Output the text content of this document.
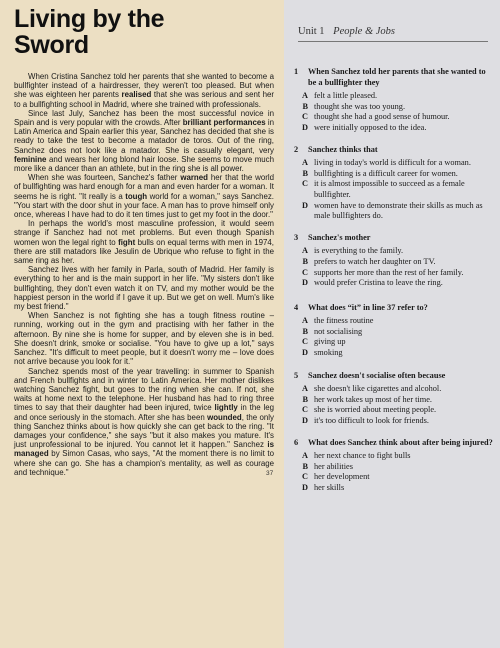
Living by the
Sword

When Cristina Sanchez told her parents that she wanted to become a bullfighter instead of a hairdresser, they weren't too pleased. But when she was eighteen her parents realised that she was serious and sent her to a bullfighting school in Madrid, where she trained with professionals.

Since last July, Sanchez has been the most successful novice in Spain and is very popular with the crowds. After brilliant performances in Latin America and Spain earlier this year, Sanchez has decided that she is ready to take the test to become a matador de toros. Out of the ring, Sanchez does not look like a matador. She is casually elegant, very feminine and wears her long blond hair loose. She seems to move much more like a dancer than an athlete, but in the ring she is all power.

When she was fourteen, Sanchez's father warned her that the world of bullfighting was hard enough for a man and even harder for a woman. It seems he is right. "It really is a tough world for a woman," says Sanchez. "You start with the door shut in your face. A man has to prove himself only once, whereas I have had to do it ten times just to get my foot in the door."

In perhaps the world's most masculine profession, it would seem strange if Sanchez had not met problems. But even though Spanish women won the legal right to fight bulls on equal terms with men in 1974, there are still matadors like Jesulin de Ubrique who refuse to fight in the same ring as her.

Sanchez lives with her family in Parla, south of Madrid. Her family is everything to her and is the main support in her life. "My sisters don't like bullfighting, they don't even watch it on TV, and my mother would be the happiest person in the world if I gave it up. But we get on well. Mum's like my best friend."

When Sanchez is not fighting she has a tough fitness routine – running, working out in the gym and practising with her father in the afternoon. By nine she is home for supper, and by eleven she is in bed. She doesn't drink, smoke or socialise. "You have to give up a lot," says Sanchez. "It's difficult to meet people, but it doesn't worry me – love does not arrive because you look for it."

Sanchez spends most of the year travelling: in summer to Spanish and French bullfights and in winter to Latin America. Her mother dislikes watching Sanchez fight, but goes to the ring when she can. If not, she waits at home next to the telephone. Her husband has had to ring three times to say that their daughter had been injured, twice lightly in the leg and once seriously in the stomach. After she has been wounded, the only thing Sanchez thinks about is how quickly she can get back to the ring. "It damages your confidence," she says "but it also makes you mature. It's just unprofessional to be injured. You cannot let it happen." Sanchez is managed by Simon Casas, who says, "At the moment there is no limit to where she can go. She has a champion's mentality, as well as courage and technique."	37
Unit 1 People & Jobs
1	When Sanchez told her parents that she wanted to be a bullfighter they
A felt a little pleased.
B thought she was too young.
C thought she had a good sense of humour.
D were initially opposed to the idea.
2	Sanchez thinks that
A living in today's world is difficult for a woman.
B bullfighting is a difficult career for women.
C it is almost impossible to succeed as a female bullfighter.
D women have to demonstrate their skills as much as male bullfighters do.
3	Sanchez's mother
A is everything to the family.
B prefers to watch her daughter on TV.
C supports her more than the rest of her family.
D would prefer Cristina to leave the ring.
4	What does “it” in line 37 refer to?
A the fitness routine
B not socialising
C giving up
D smoking
5	Sanchez doesn't socialise often because
A she doesn't like cigarettes and alcohol.
B her work takes up most of her time.
C she is worried about meeting people.
D it's too difficult to look for friends.
6	What does Sanchez think about after being injured?
A her next chance to fight bulls
B her abilities
C her development
D her skills
